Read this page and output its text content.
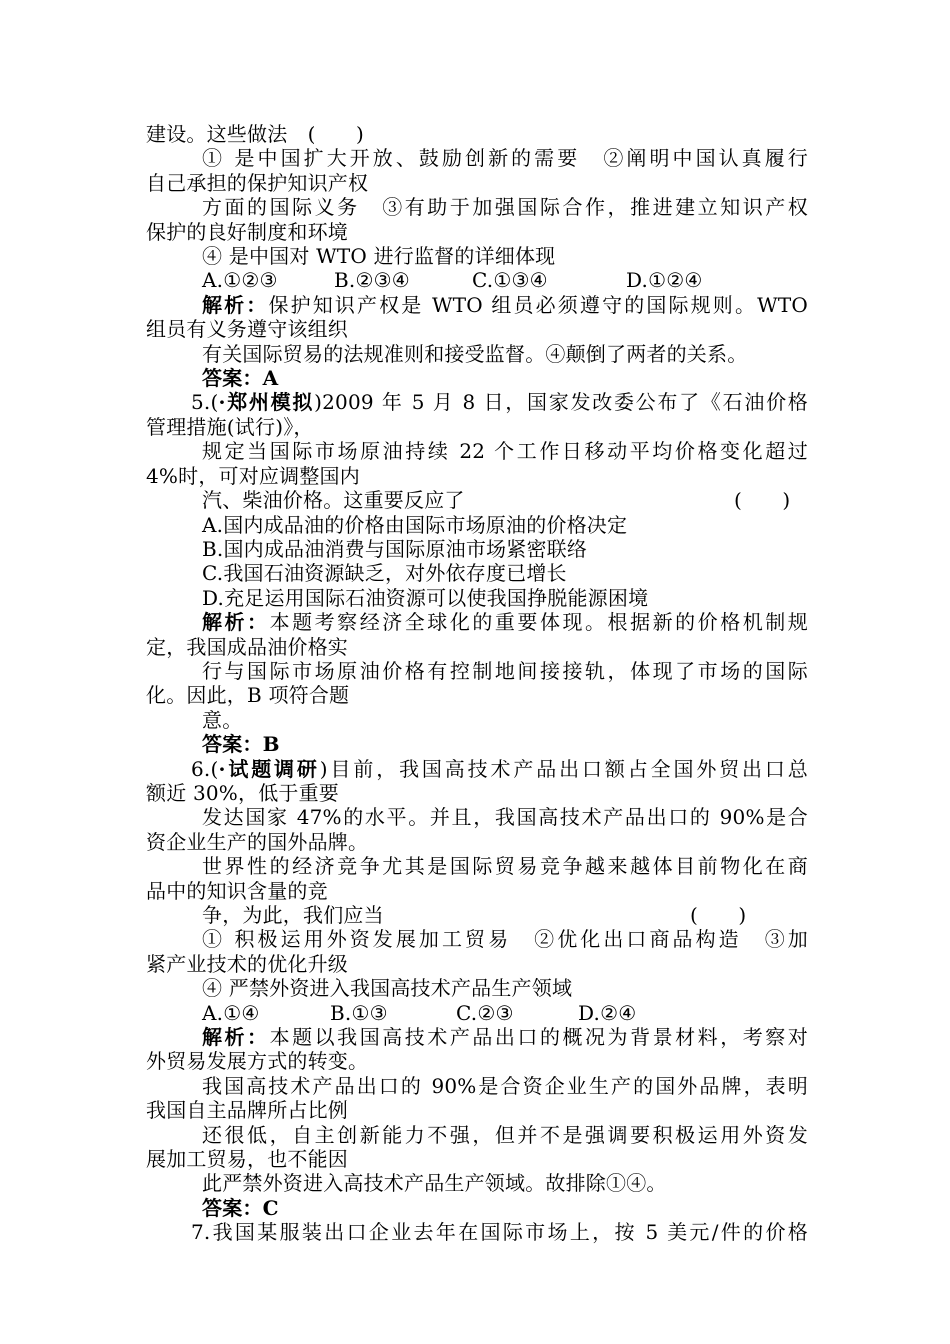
建设。这些做法　(　　)
① 是中国扩大开放、鼓励创新的需要　②阐明中国认真履行
自己承担的保护知识产权
方面的国际义务　③有助于加强国际合作，推进建立知识产权
保护的良好制度和环境
④ 是中国对 WTO 进行监督的详细体现
A.①②③	B.②③④	C.①③④	D.①②④
解析：保护知识产权是 WTO 组员必须遵守的国际规则。WTO
组员有义务遵守该组织
有关国际贸易的法规准则和接受监督。④颠倒了两者的关系。
答案：A
5.(·郑州模拟)2009 年 5 月 8 日，国家发改委公布了《石油价格
管理措施(试行)》，
规定当国际市场原油持续 22 个工作日移动平均价格变化超过
4%时，可对应调整国内
汽、柴油价格。这重要反应了	(　　)
A.国内成品油的价格由国际市场原油的价格决定
B.国内成品油消费与国际原油市场紧密联络
C.我国石油资源缺乏，对外依存度已增长
D.充足运用国际石油资源可以使我国挣脱能源困境
解析：本题考察经济全球化的重要体现。根据新的价格机制规
定，我国成品油价格实
行与国际市场原油价格有控制地间接接轨，体现了市场的国际
化。因此，B 项符合题
意。
答案：B
6.(·试题调研)目前，我国高技术产品出口额占全国外贸出口总
额近 30%，低于重要
发达国家 47%的水平。并且，我国高技术产品出口的 90%是合
资企业生产的国外品牌。
世界性的经济竞争尤其是国际贸易竞争越来越体目前物化在商
品中的知识含量的竞
争，为此，我们应当	(　　)
① 积极运用外资发展加工贸易　②优化出口商品构造　③加
紧产业技术的优化升级
④ 严禁外资进入我国高技术产品生产领域
A.①④	B.①③	C.②③	D.②④
解析：本题以我国高技术产品出口的概况为背景材料，考察对
外贸易发展方式的转变。
我国高技术产品出口的 90%是合资企业生产的国外品牌，表明
我国自主品牌所占比例
还很低，自主创新能力不强，但并不是强调要积极运用外资发
展加工贸易，也不能因
此严禁外资进入高技术产品生产领域。故排除①④。
答案：C
7.我国某服装出口企业去年在国际市场上，按 5 美元/件的价格
